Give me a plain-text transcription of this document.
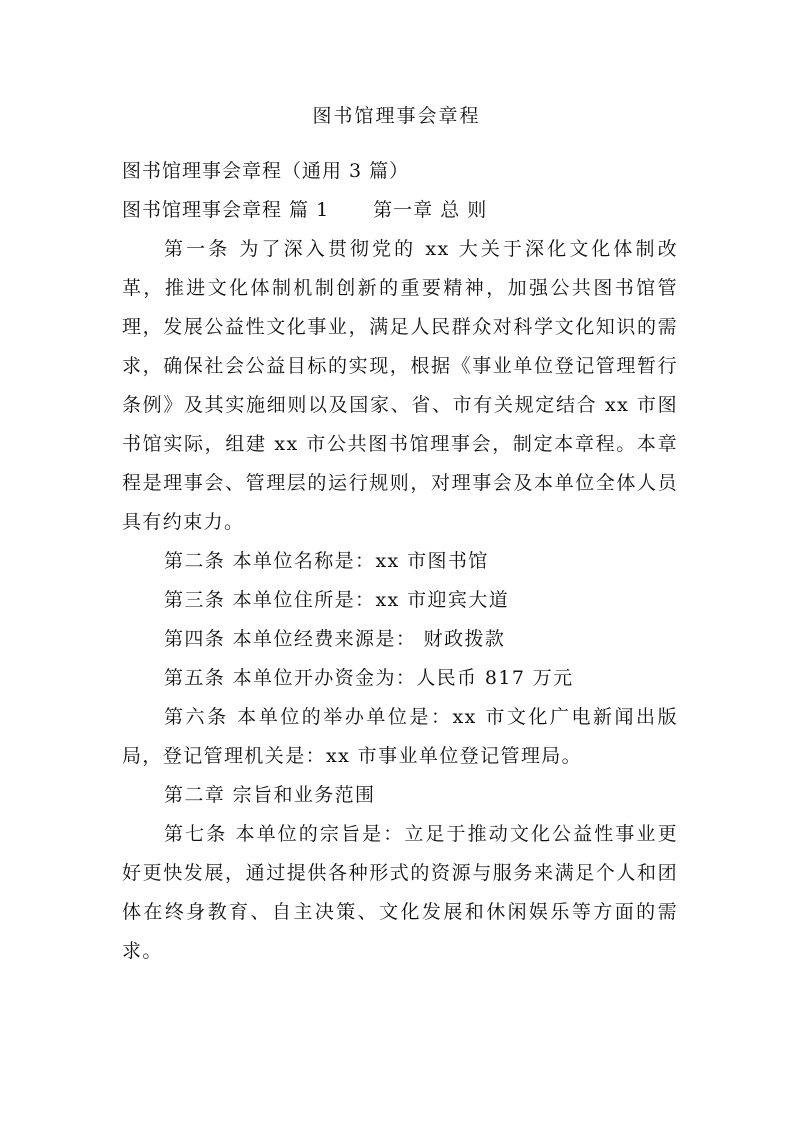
图书馆理事会章程

图书馆理事会章程（通用 3 篇）

图书馆理事会章程 篇 1 第一章 总 则

第一条 为了深入贯彻党的 xx 大关于深化文化体制改革，推进文化体制机制创新的重要精神，加强公共图书馆管理，发展公益性文化事业，满足人民群众对科学文化知识的需求，确保社会公益目标的实现，根据《事业单位登记管理暂行条例》及其实施细则以及国家、省、市有关规定结合 xx 市图书馆实际，组建 xx 市公共图书馆理事会，制定本章程。本章程是理事会、管理层的运行规则，对理事会及本单位全体人员具有约束力。

第二条 本单位名称是：xx 市图书馆

第三条 本单位住所是：xx 市迎宾大道

第四条 本单位经费来源是： 财政拨款

第五条 本单位开办资金为：人民币 817 万元

第六条 本单位的举办单位是：xx 市文化广电新闻出版局，登记管理机关是：xx 市事业单位登记管理局。

第二章 宗旨和业务范围

第七条 本单位的宗旨是：立足于推动文化公益性事业更好更快发展，通过提供各种形式的资源与服务来满足个人和团体在终身教育、自主决策、文化发展和休闲娱乐等方面的需求。
